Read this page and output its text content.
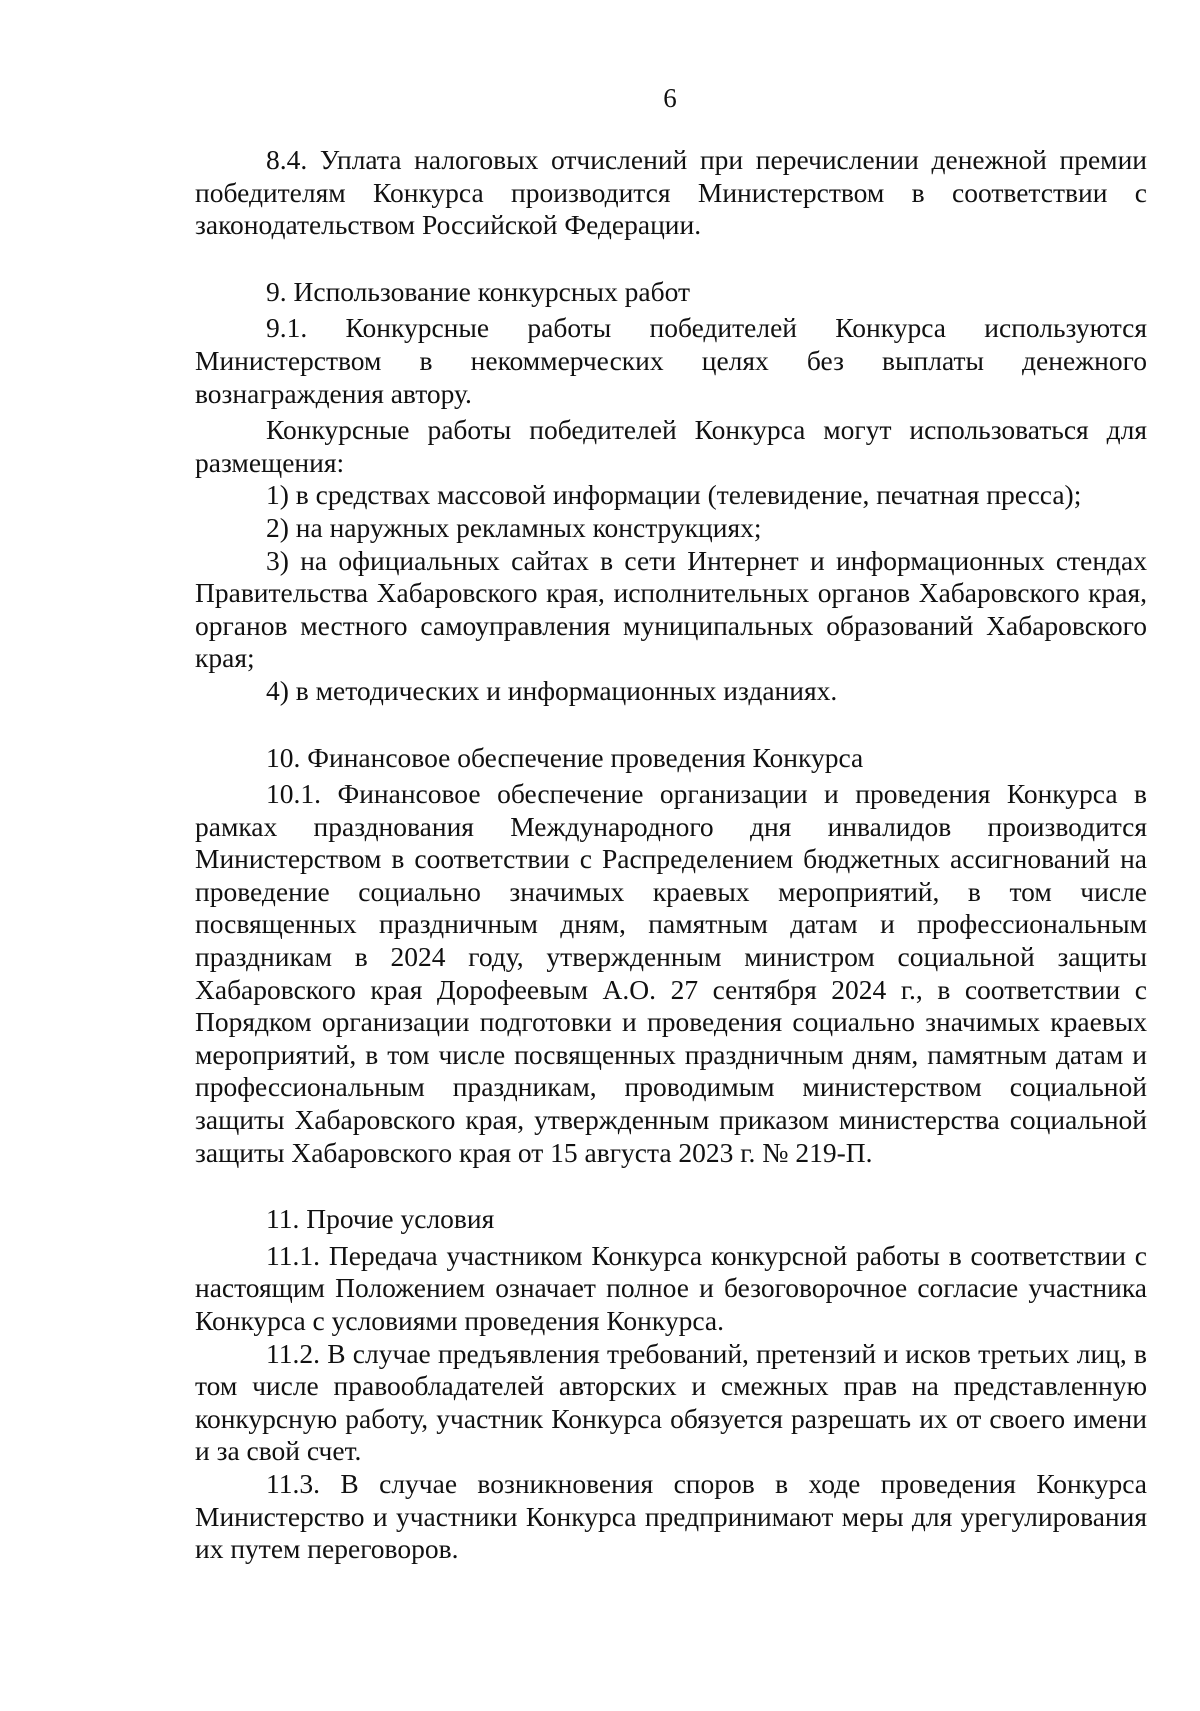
6

8.4. Уплата налоговых отчислений при перечислении денежной премии победителям Конкурса производится Министерством в соответствии с законодательством Российской Федерации.

9. Использование конкурсных работ

9.1. Конкурсные работы победителей Конкурса используются Министерством в некоммерческих целях без выплаты денежного вознаграждения автору.

Конкурсные работы победителей Конкурса могут использоваться для размещения:

1) в средствах массовой информации (телевидение, печатная пресса);

2) на наружных рекламных конструкциях;

3) на официальных сайтах в сети Интернет и информационных стендах Правительства Хабаровского края, исполнительных органов Хабаровского края, органов местного самоуправления муниципальных образований Хабаровского края;

4) в методических и информационных изданиях.

10. Финансовое обеспечение проведения Конкурса

10.1. Финансовое обеспечение организации и проведения Конкурса в рамках празднования Международного дня инвалидов производится Министерством в соответствии с Распределением бюджетных ассигнований на проведение социально значимых краевых мероприятий, в том числе посвященных праздничным дням, памятным датам и профессиональным праздникам в 2024 году, утвержденным министром социальной защиты Хабаровского края Дорофеевым А.О. 27 сентября 2024 г., в соответствии с Порядком организации подготовки и проведения социально значимых краевых мероприятий, в том числе посвященных праздничным дням, памятным датам и профессиональным праздникам, проводимым министерством социальной защиты Хабаровского края, утвержденным приказом министерства социальной защиты Хабаровского края от 15 августа 2023 г. № 219-П.

11. Прочие условия

11.1. Передача участником Конкурса конкурсной работы в соответствии с настоящим Положением означает полное и безоговорочное согласие участника Конкурса с условиями проведения Конкурса.

11.2. В случае предъявления требований, претензий и исков третьих лиц, в том числе правообладателей авторских и смежных прав на представленную конкурсную работу, участник Конкурса обязуется разрешать их от своего имени и за свой счет.

11.3. В случае возникновения споров в ходе проведения Конкурса Министерство и участники Конкурса предпринимают меры для урегулирования их путем переговоров.
